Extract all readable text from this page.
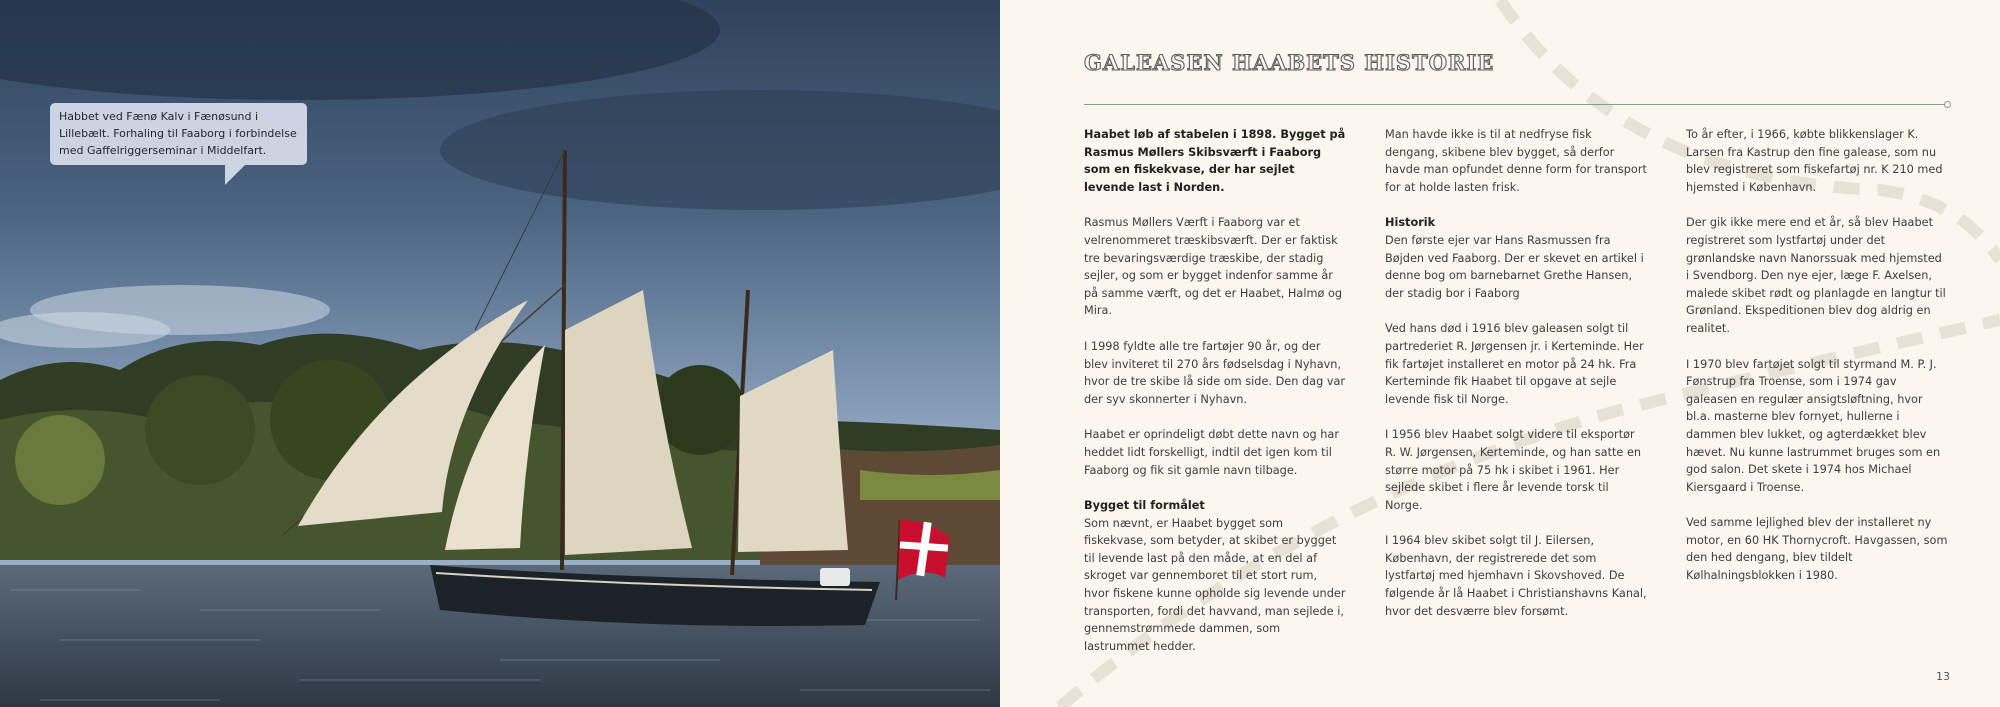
Habbet ved Fænø Kalv i Fænøsund i Lillebælt. Forhaling til Faaborg i forbindelse med Gaffelriggerseminar i Middelfart.
GALEASEN HAABETS HISTORIE

Haabet løb af stabelen i 1898. Bygget på Rasmus Møllers Skibsværft i Faaborg som en fiskekvase, der har sejlet levende last i Norden.

Rasmus Møllers Værft i Faaborg var et velrenommeret træskibsværft. Der er faktisk tre bevaringsværdige træskibe, der stadig sejler, og som er bygget indenfor samme år på samme værft, og det er Haabet, Halmø og Mira.

I 1998 fyldte alle tre fartøjer 90 år, og der blev inviteret til 270 års fødselsdag i Nyhavn, hvor de tre skibe lå side om side. Den dag var der syv skonnerter i Nyhavn.

Haabet er oprindeligt døbt dette navn og har heddet lidt forskelligt, indtil det igen kom til Faaborg og fik sit gamle navn tilbage.

Bygget til formålet

Som nævnt, er Haabet bygget som fiskekvase, som betyder, at skibet er bygget til levende last på den måde, at en del af skroget var gennemboret til et stort rum, hvor fiskene kunne opholde sig levende under transporten, fordi det havvand, man sejlede i, gennemstrømmede dammen, som lastrummet hedder.

Man havde ikke is til at nedfryse fisk dengang, skibene blev bygget, så derfor havde man opfundet denne form for transport for at holde lasten frisk.

Historik

Den første ejer var Hans Rasmussen fra Bøjden ved Faaborg. Der er skevet en artikel i denne bog om barnebarnet Grethe Hansen, der stadig bor i Faaborg

Ved hans død i 1916 blev galeasen solgt til partrederiet R. Jørgensen jr. i Kerteminde. Her fik fartøjet installeret en motor på 24 hk. Fra Kerteminde fik Haabet til opgave at sejle levende fisk til Norge.

I 1956 blev Haabet solgt videre til eksportør R. W. Jørgensen, Kerteminde, og han satte en større motor på 75 hk i skibet i 1961. Her sejlede skibet i flere år levende torsk til Norge.

I 1964 blev skibet solgt til J. Eilersen, København, der registrerede det som lystfartøj med hjemhavn i Skovshoved. De følgende år lå Haabet i Christianshavns Kanal, hvor det desværre blev forsømt.

To år efter, i 1966, købte blikkenslager K. Larsen fra Kastrup den fine galease, som nu blev registreret som fiskefartøj nr. K 210 med hjemsted i København.

Der gik ikke mere end et år, så blev Haabet registreret som lystfartøj under det grønlandske navn Nanorssuak med hjemsted i Svendborg. Den nye ejer, læge F. Axelsen, malede skibet rødt og planlagde en langtur til Grønland. Ekspeditionen blev dog aldrig en realitet.

I 1970 blev fartøjet solgt til styrmand M. P. J. Fønstrup fra Troense, som i 1974 gav galeasen en regulær ansigtsløftning, hvor bl.a. masterne blev fornyet, hullerne i dammen blev lukket, og agterdækket blev hævet. Nu kunne lastrummet bruges som en god salon. Det skete i 1974 hos Michael Kiersgaard i Troense.

Ved samme lejlighed blev der installeret ny motor, en 60 HK Thornycroft. Havgassen, som den hed dengang, blev tildelt Kølhalningsblokken i 1980.

13
